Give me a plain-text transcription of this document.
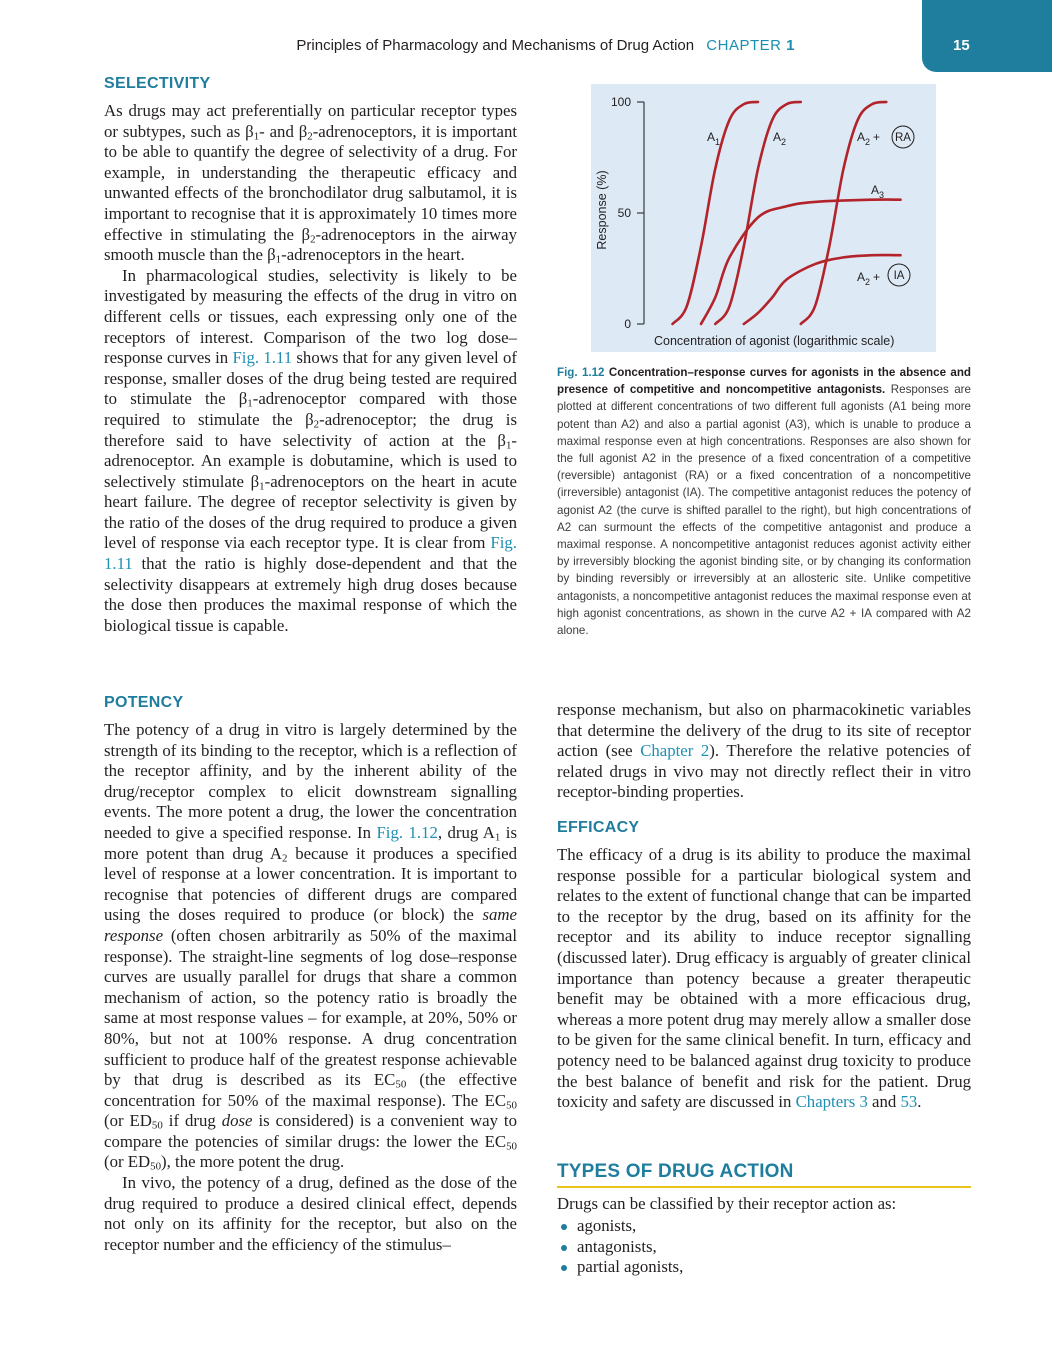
Principles of Pharmacology and Mechanisms of Drug Action CHAPTER 1	15
SELECTIVITY

As drugs may act preferentially on particular receptor types or subtypes, such as $\beta_1-$ and $\beta_2$-adrenoceptors, it is important to be able to quantify the degree of selectivity of a drug. For example, in understanding the therapeutic efficacy and unwanted effects of the bronchodilator drug salbutamol, it is important to recognise that it is approximately 10 times more effective in stimulating the $\beta_2$-adrenoceptors in the airway smooth muscle than the $\beta_1$-adrenoceptors in the heart.

In pharmacological studies, selectivity is likely to be investigated by measuring the effects of the drug in vitro on different cells or tissues, each expressing only one of the receptors of interest. Comparison of the two log dose–response curves in Fig. 1.11 shows that for any given level of response, smaller doses of the drug being tested are required to stimulate the $\beta_1$-adrenoceptor compared with those required to stimulate the $\beta_2$-adrenoceptor; the drug is therefore said to have selectivity of action at the $\beta_1$-adrenoceptor. An example is dobutamine, which is used to selectively stimulate $\beta_1$-adrenoceptors on the heart in acute heart failure. The degree of receptor selectivity is given by the ratio of the doses of the drug required to produce a given level of response via each receptor type. It is clear from Fig. 1.11 that the ratio is highly dose-dependent and that the selectivity disappears at extremely high drug doses because the dose then produces the maximal response of which the biological tissue is capable.

POTENCY

The potency of a drug in vitro is largely determined by the strength of its binding to the receptor, which is a reflection of the receptor affinity, and by the inherent ability of the drug/receptor complex to elicit downstream signalling events. The more potent a drug, the lower the concentration needed to give a specified response. In Fig. 1.12, drug $A_1$ is more potent than drug $A_2$ because it produces a specified level of response at a lower concentration. It is important to recognise that potencies of different drugs are compared using the doses required to produce (or block) the same response (often chosen arbitrarily as 50% of the maximal response). The straight-line segments of log dose–response curves are usually parallel for drugs that share a common mechanism of action, so the potency ratio is broadly the same at most response values – for example, at 20%, 50% or 80%, but not at 100% response. A drug concentration sufficient to produce half of the greatest response achievable by that drug is described as its $EC_{50}$ (the effective concentration for 50% of the maximal response). The $EC_{50}$ (or $ED_{50}$ if drug dose is considered) is a convenient way to compare the potencies of similar drugs: the lower the $EC_{50}$ (or $ED_{50}$), the more potent the drug.

In vivo, the potency of a drug, defined as the dose of the drug required to produce a desired clinical effect, depends not only on its affinity for the receptor, but also on the receptor number and the efficiency of the stimulus–

100
50
0
Response (%)
Concentration of agonist (logarithmic scale)
$A_1$	$A_2$	$A_2$ + RA
$A_3$
$A_2$ + IA
Fig. 1.12 Concentration–response curves for agonists in the absence and presence of competitive and noncompetitive antagonists. Responses are plotted at different concentrations of two different full agonists (A1 being more potent than A2) and also a partial agonist (A3), which is unable to produce a maximal response even at high concentrations. Responses are also shown for the full agonist A2 in the presence of a fixed concentration of a competitive (reversible) antagonist (RA) or a fixed concentration of a noncompetitive (irreversible) antagonist (IA). The competitive antagonist reduces the potency of agonist A2 (the curve is shifted parallel to the right), but high concentrations of A2 can surmount the effects of the competitive antagonist and produce a maximal response. A noncompetitive antagonist reduces agonist activity either by irreversibly blocking the agonist binding site, or by changing its conformation by binding reversibly or irreversibly at an allosteric site. Unlike competitive antagonists, a noncompetitive antagonist reduces the maximal response even at high agonist concentrations, as shown in the curve A2 + IA compared with A2 alone.

response mechanism, but also on pharmacokinetic variables that determine the delivery of the drug to its site of receptor action (see Chapter 2). Therefore the relative potencies of related drugs in vivo may not directly reflect their in vitro receptor-binding properties.

EFFICACY

The efficacy of a drug is its ability to produce the maximal response possible for a particular biological system and relates to the extent of functional change that can be imparted to the receptor by the drug, based on its affinity for the receptor and its ability to induce receptor signalling (discussed later). Drug efficacy is arguably of greater clinical importance than potency because a greater therapeutic benefit may be obtained with a more efficacious drug, whereas a more potent drug may merely allow a smaller dose to be given for the same clinical benefit. In turn, efficacy and potency need to be balanced against drug toxicity to produce the best balance of benefit and risk for the patient. Drug toxicity and safety are discussed in Chapters 3 and 53.

TYPES OF DRUG ACTION
Drugs can be classified by their receptor action as:
agonists,
antagonists,
partial agonists,
